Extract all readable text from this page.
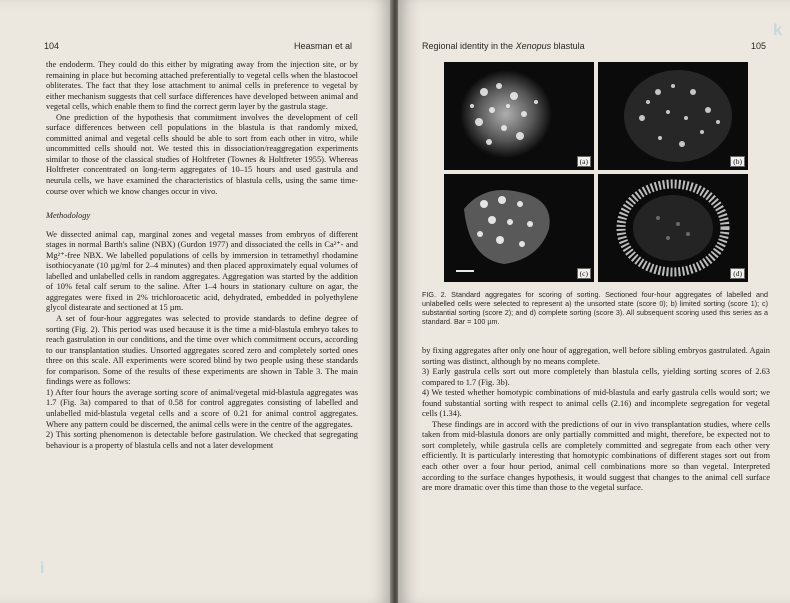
104	Heasman et al

the endoderm. They could do this either by migrating away from the injection site, or by remaining in place but becoming attached preferentially to vegetal cells when the blastocoel obliterates. The fact that they lose attachment to animal cells in preference to vegetal by either mechanism suggests that cell surface differences have developed between animal and vegetal cells, which enable them to find the correct germ layer by the gastrula stage.

One prediction of the hypothesis that commitment involves the development of cell surface differences between cell populations in the blastula is that randomly mixed, committed animal and vegetal cells should be able to sort from each other in vitro, while uncommitted cells should not. We tested this in dissociation/reaggregation experiments similar to those of the classical studies of Holtfreter (Townes & Holtfreter 1955). Whereas Holtfreter concentrated on long-term aggregates of 10–15 hours and used gastrula and neurula cells, we have examined the characteristics of blastula cells, using the same time-course over which we know changes occur in vivo.

Methodology

We dissected animal cap, marginal zones and vegetal masses from embryos of different stages in normal Barth's saline (NBX) (Gurdon 1977) and dissociated the cells in Ca²⁺- and Mg²⁺-free NBX. We labelled populations of cells by immersion in tetramethyl rhodamine isothiocyanate (10 µg/ml for 2–4 minutes) and then placed approximately equal volumes of labelled and unlabelled cells in random aggregates. Aggregation was started by the addition of 10% fetal calf serum to the saline. After 1–4 hours in stationary culture on agar, the aggregates were fixed in 2% trichloroacetic acid, dehydrated, embedded in polyethylene glycol distearate and sectioned at 15 µm.

A set of four-hour aggregates was selected to provide standards to define degree of sorting (Fig. 2). This period was used because it is the time a mid-blastula embryo takes to reach gastrulation in our conditions, and the time over which commitment occurs, according to our transplantation studies. Unsorted aggregates scored zero and completely sorted ones three on this scale. All experiments were scored blind by two people using these standards for comparison. Some of the results of these experiments are shown in Table 3. The main findings were as follows:

1) After four hours the average sorting score of animal/vegetal mid-blastula aggregates was 1.7 (Fig. 3a) compared to that of 0.58 for control aggregates consisting of labelled and unlabelled mid-blastula vegetal cells and a score of 0.21 for animal control aggregates. Where any pattern could be discerned, the animal cells were in the centre of the aggregates.

2) This sorting phenomenon is detectable before gastrulation. We checked that segregating behaviour is a property of blastula cells and not a later development

i
Regional identity in the Xenopus blastula	105
(a)	(b)
(c)	(d)

FIG. 2. Standard aggregates for scoring of sorting. Sectioned four-hour aggregates of labelled and unlabelled cells were selected to represent a) the unsorted state (score 0); b) limited sorting (score 1); c) substantial sorting (score 2); and d) complete sorting (score 3). All subsequent scoring used this series as a standard. Bar = 100 µm.

by fixing aggregates after only one hour of aggregation, well before sibling embryos gastrulated. Again sorting was distinct, although by no means complete.

3) Early gastrula cells sort out more completely than blastula cells, yielding sorting scores of 2.63 compared to 1.7 (Fig. 3b).

4) We tested whether homotypic combinations of mid-blastula and early gastrula cells would sort; we found substantial sorting with respect to animal cells (2.16) and incomplete segregation for vegetal cells (1.34).

These findings are in accord with the predictions of our in vivo transplantation studies, where cells taken from mid-blastula donors are only partially committed and might, therefore, be expected not to sort completely, while gastrula cells are completely committed and segregate from each other very efficiently. It is particularly interesting that homotypic combinations of different stages sort out from each other over a four hour period, animal cell combinations more so than vegetal. Interpreted according to the surface changes hypothesis, it would suggest that changes to the animal cell surface are more dramatic over this time than those to the vegetal surface.

k
